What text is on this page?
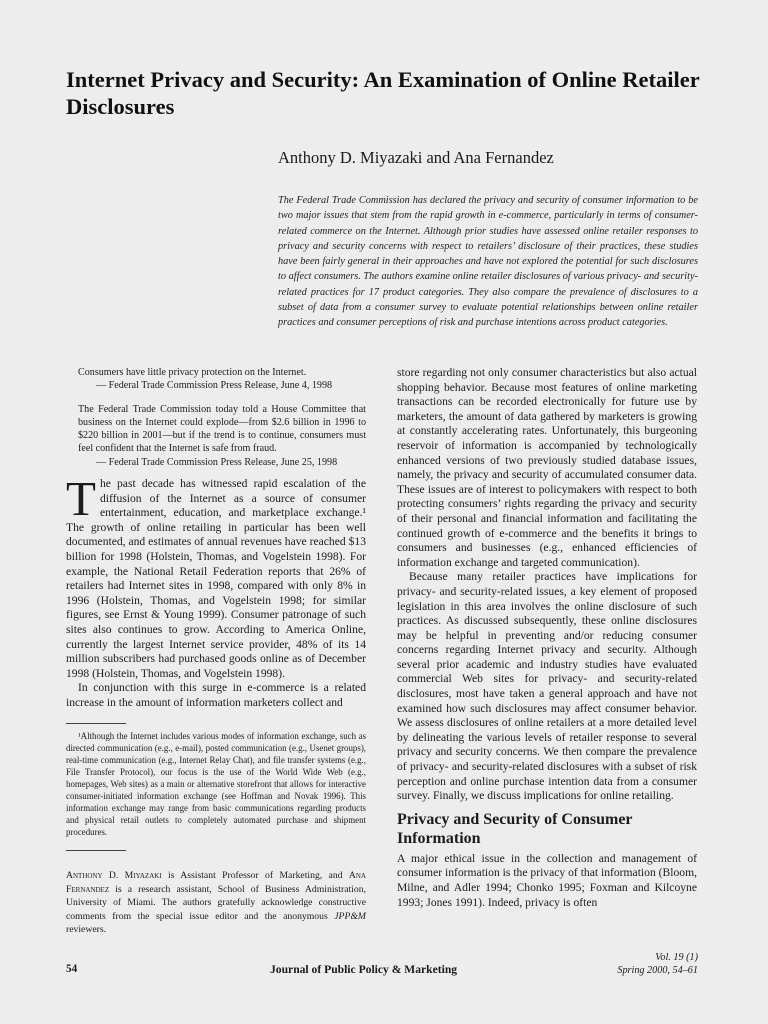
Internet Privacy and Security: An Examination of Online Retailer Disclosures
Anthony D. Miyazaki and Ana Fernandez
The Federal Trade Commission has declared the privacy and security of consumer information to be two major issues that stem from the rapid growth in e-commerce, particularly in terms of consumer-related commerce on the Internet. Although prior studies have assessed online retailer responses to privacy and security concerns with respect to retailers’ disclosure of their practices, these studies have been fairly general in their approaches and have not explored the potential for such disclosures to affect consumers. The authors examine online retailer disclosures of various privacy- and security-related practices for 17 product categories. They also compare the prevalence of disclosures to a subset of data from a consumer survey to evaluate potential relationships between online retailer practices and consumer perceptions of risk and purchase intentions across product categories.
Consumers have little privacy protection on the Internet.
— Federal Trade Commission Press Release, June 4, 1998
The Federal Trade Commission today told a House Committee that business on the Internet could explode—from $2.6 billion in 1996 to $220 billion in 2001—but if the trend is to continue, consumers must feel confident that the Internet is safe from fraud.
— Federal Trade Commission Press Release, June 25, 1998
T he past decade has witnessed rapid escalation of the diffusion of the Internet as a source of consumer entertainment, education, and marketplace exchange.¹ The growth of online retailing in particular has been well documented, and estimates of annual revenues have reached $13 billion for 1998 (Holstein, Thomas, and Vogelstein 1998). For example, the National Retail Federation reports that 26% of retailers had Internet sites in 1998, compared with only 8% in 1996 (Holstein, Thomas, and Vogelstein 1998; for similar figures, see Ernst & Young 1999). Consumer patronage of such sites also continues to grow. According to America Online, currently the largest Internet service provider, 48% of its 14 million subscribers had purchased goods online as of December 1998 (Holstein, Thomas, and Vogelstein 1998).

In conjunction with this surge in e-commerce is a related increase in the amount of information marketers collect and

¹Although the Internet includes various modes of information exchange, such as directed communication (e.g., e-mail), posted communication (e.g., Usenet groups), real-time communication (e.g., Internet Relay Chat), and file transfer systems (e.g., File Transfer Protocol), our focus is the use of the World Wide Web (e.g., homepages, Web sites) as a main or alternative storefront that allows for interactive consumer-initiated information exchange (see Hoffman and Novak 1996). This information exchange may range from basic communications regarding products and physical retail outlets to completely automated purchase and shipment procedures.

Anthony D. Miyazaki is Assistant Professor of Marketing, and Ana Fernandez is a research assistant, School of Business Administration, University of Miami. The authors gratefully acknowledge constructive comments from the special issue editor and the anonymous JPP&M reviewers.

store regarding not only consumer characteristics but also actual shopping behavior. Because most features of online marketing transactions can be recorded electronically for future use by marketers, the amount of data gathered by marketers is growing at constantly accelerating rates. Unfortunately, this burgeoning reservoir of information is accompanied by technologically enhanced versions of two previously studied database issues, namely, the privacy and security of accumulated consumer data. These issues are of interest to policymakers with respect to both protecting consumers’ rights regarding the privacy and security of their personal and financial information and facilitating the continued growth of e-commerce and the benefits it brings to consumers and businesses (e.g., enhanced efficiencies of information exchange and targeted communication).

Because many retailer practices have implications for privacy- and security-related issues, a key element of proposed legislation in this area involves the online disclosure of such practices. As discussed subsequently, these online disclosures may be helpful in preventing and/or reducing consumer concerns regarding Internet privacy and security. Although several prior academic and industry studies have evaluated commercial Web sites for privacy- and security-related disclosures, most have taken a general approach and have not examined how such disclosures may affect consumer behavior. We assess disclosures of online retailers at a more detailed level by delineating the various levels of retailer response to several privacy and security concerns. We then compare the prevalence of privacy- and security-related disclosures with a subset of risk perception and online purchase intention data from a consumer survey. Finally, we discuss implications for online retailing.

Privacy and Security of Consumer Information

A major ethical issue in the collection and management of consumer information is the privacy of that information (Bloom, Milne, and Adler 1994; Chonko 1995; Foxman and Kilcoyne 1993; Jones 1991). Indeed, privacy is often

54	Journal of Public Policy & Marketing
Vol. 19 (1)
Spring 2000, 54–61
